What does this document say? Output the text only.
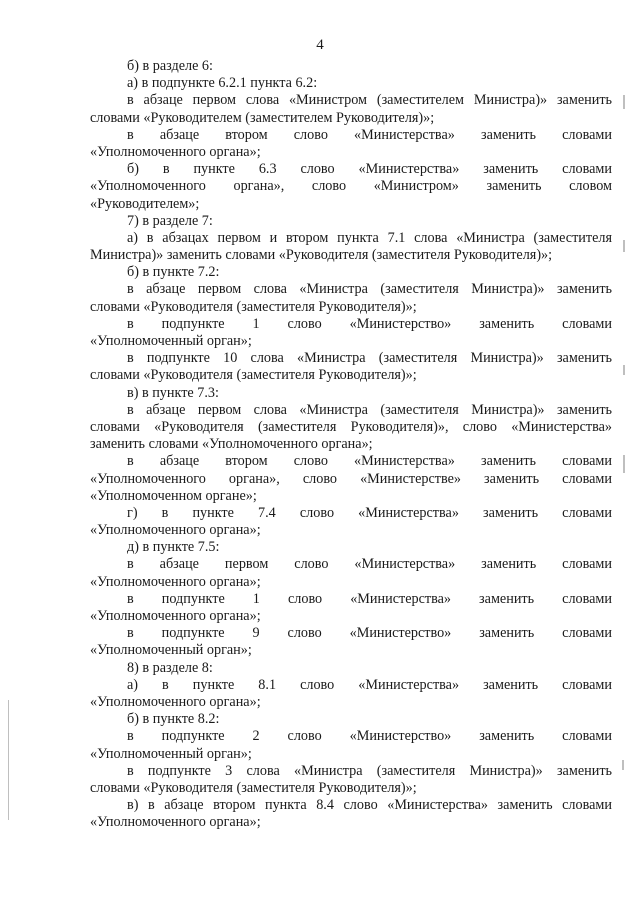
4
б) в разделе 6:
а) в подпункте 6.2.1 пункта 6.2:
в абзаце первом слова «Министром (заместителем Министра)» заменить
словами «Руководителем (заместителем Руководителя)»;
в абзаце втором слово «Министерства» заменить словами
«Уполномоченного органа»;
б) в пункте 6.3 слово «Министерства» заменить словами
«Уполномоченного органа», слово «Министром» заменить словом
«Руководителем»;
7) в разделе 7:
а) в абзацах первом и втором пункта 7.1 слова «Министра (заместителя
Министра)» заменить словами «Руководителя (заместителя Руководителя)»;
б) в пункте 7.2:
в абзаце первом слова «Министра (заместителя Министра)» заменить
словами «Руководителя (заместителя Руководителя)»;
в подпункте 1 слово «Министерство» заменить словами
«Уполномоченный орган»;
в подпункте 10 слова «Министра (заместителя Министра)» заменить
словами «Руководителя (заместителя Руководителя)»;
в) в пункте 7.3:
в абзаце первом слова «Министра (заместителя Министра)» заменить
словами «Руководителя (заместителя Руководителя)», слово «Министерства»
заменить словами «Уполномоченного органа»;
в абзаце втором слово «Министерства» заменить словами
«Уполномоченного органа», слово «Министерстве» заменить словами
«Уполномоченном органе»;
г) в пункте 7.4 слово «Министерства» заменить словами
«Уполномоченного органа»;
д) в пункте 7.5:
в абзаце первом слово «Министерства» заменить словами
«Уполномоченного органа»;
в подпункте 1 слово «Министерства» заменить словами
«Уполномоченного органа»;
в подпункте 9 слово «Министерство» заменить словами
«Уполномоченный орган»;
8) в разделе 8:
а) в пункте 8.1 слово «Министерства» заменить словами
«Уполномоченного органа»;
б) в пункте 8.2:
в подпункте 2 слово «Министерство» заменить словами
«Уполномоченный орган»;
в подпункте 3 слова «Министра (заместителя Министра)» заменить
словами «Руководителя (заместителя Руководителя)»;
в) в абзаце втором пункта 8.4 слово «Министерства» заменить словами
«Уполномоченного органа»;
